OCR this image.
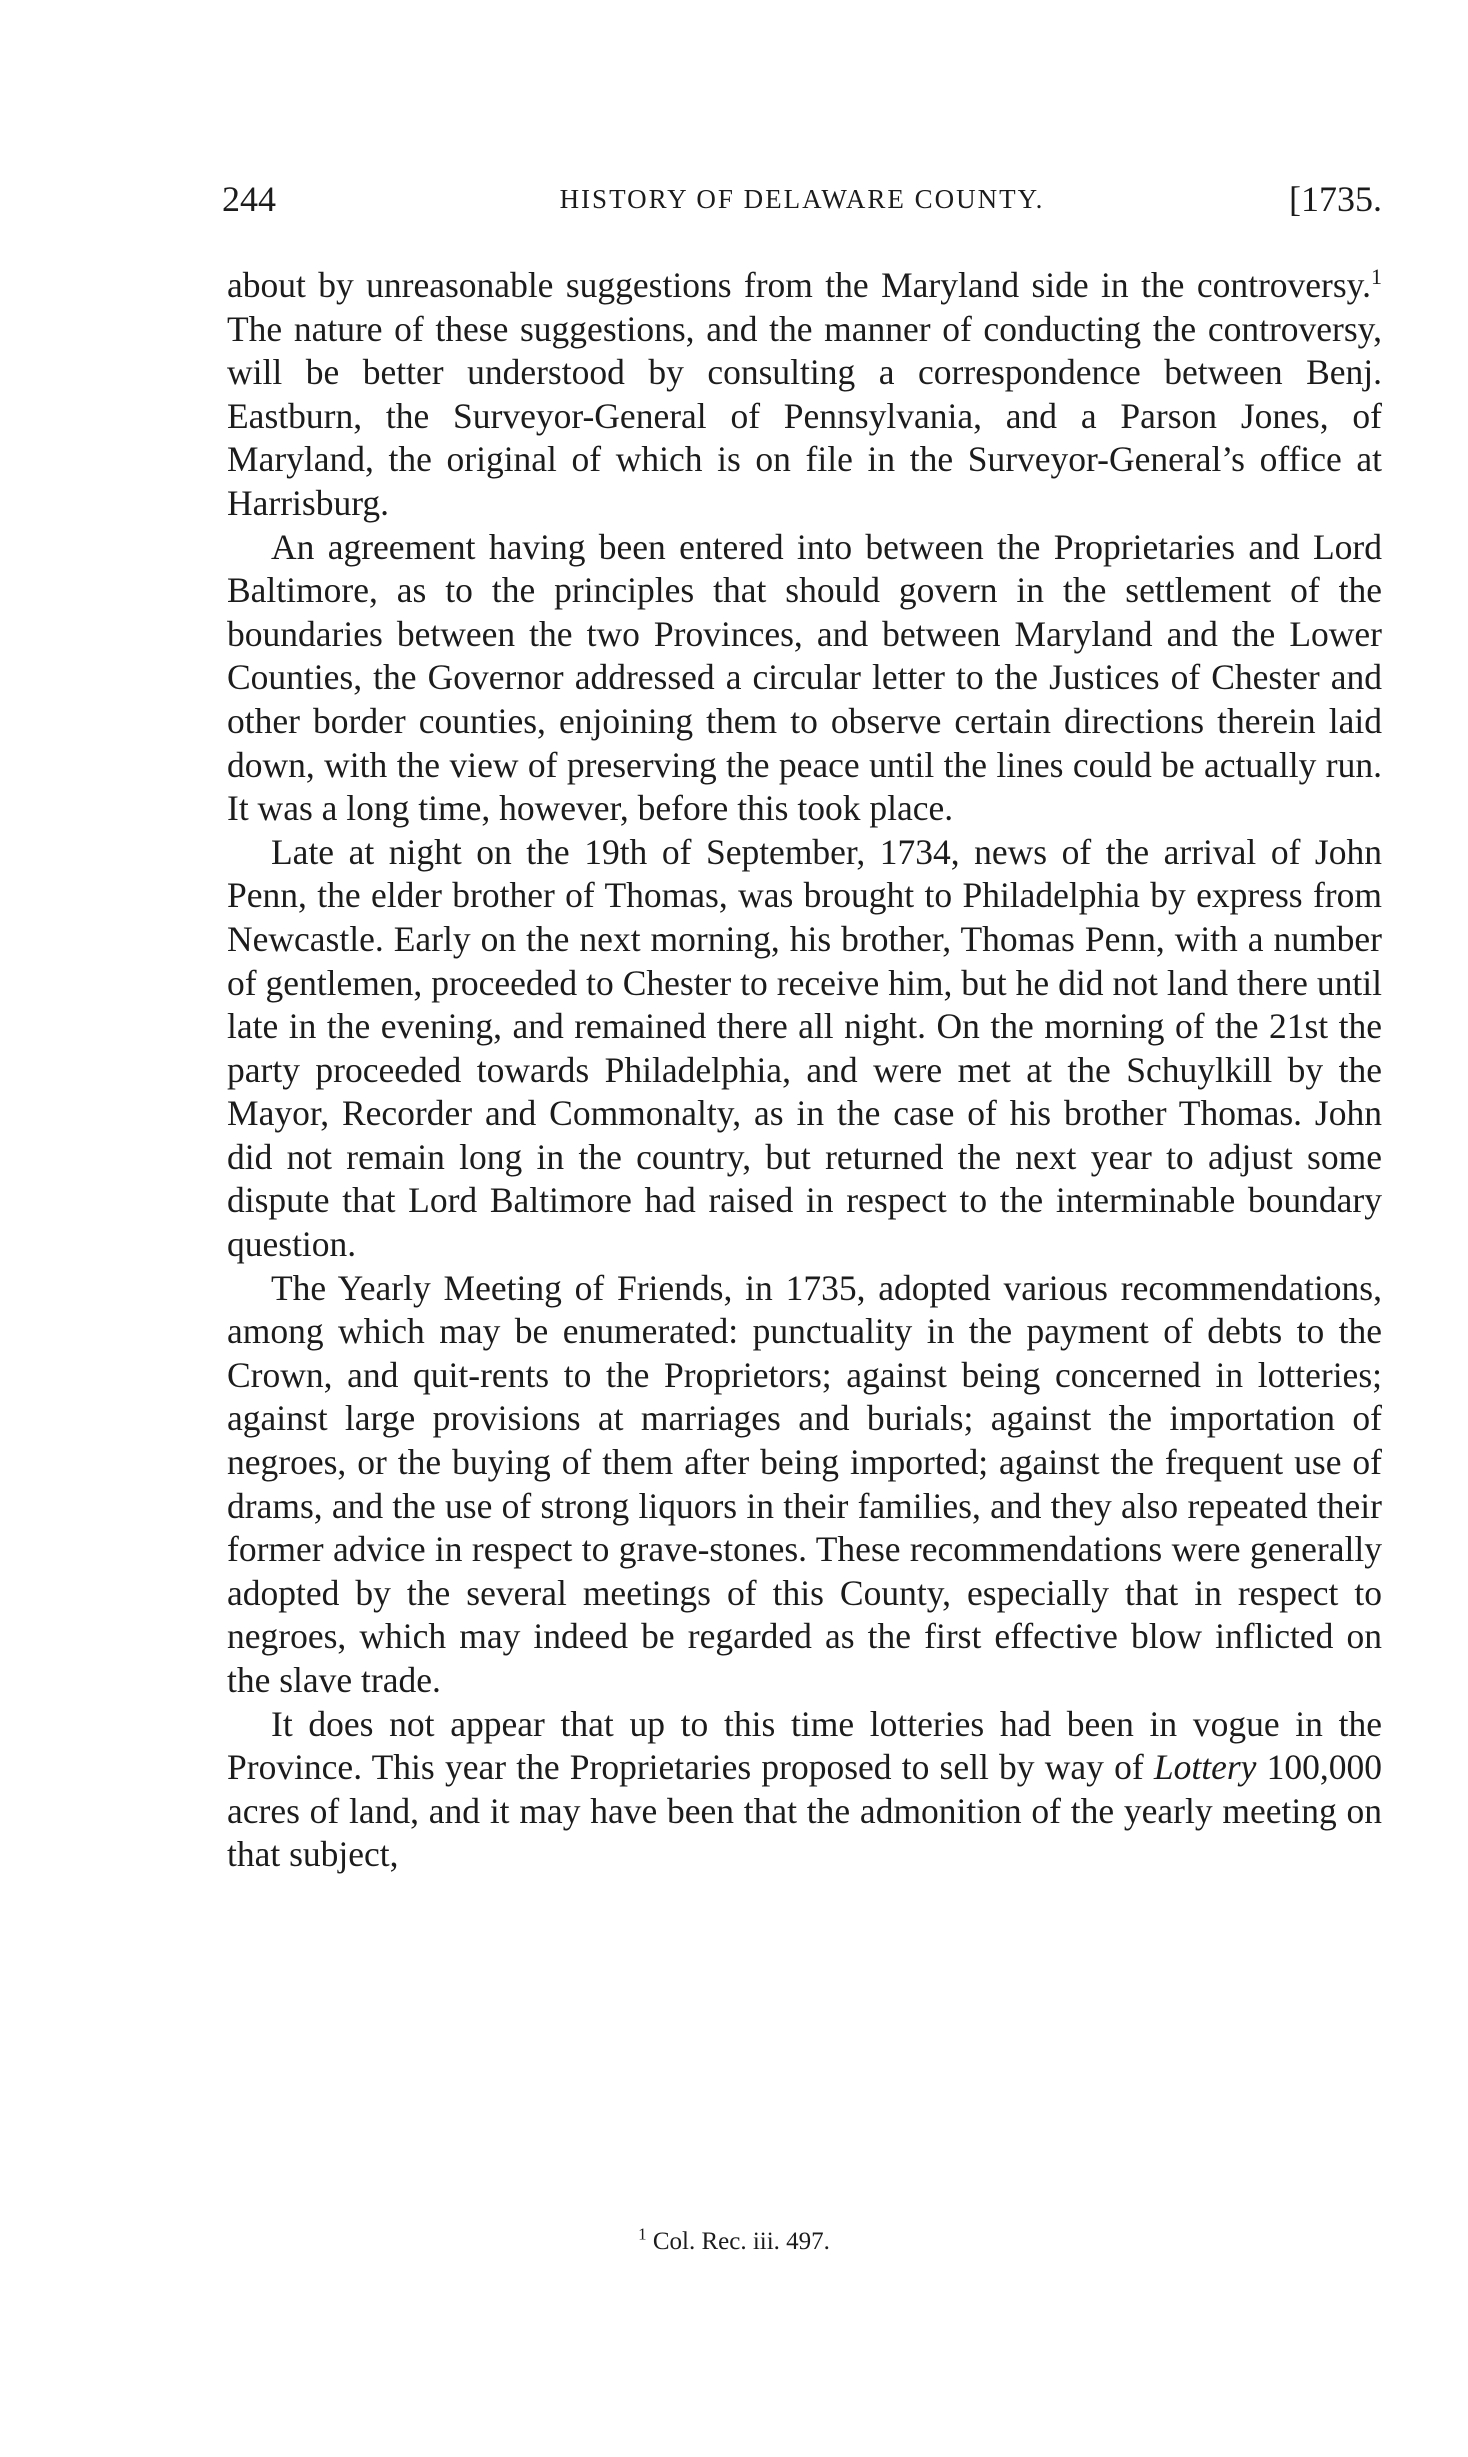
244	HISTORY OF DELAWARE COUNTY.	[1735.

about by unreasonable suggestions from the Maryland side in the controversy.$^1$ The nature of these suggestions, and the manner of conducting the controversy, will be better understood by consulting a correspondence between Benj. Eastburn, the Surveyor-General of Pennsylvania, and a Parson Jones, of Maryland, the original of which is on file in the Surveyor-General’s office at Harrisburg.

An agreement having been entered into between the Proprietaries and Lord Baltimore, as to the principles that should govern in the settlement of the boundaries between the two Provinces, and between Maryland and the Lower Counties, the Governor addressed a circular letter to the Justices of Chester and other border counties, enjoining them to observe certain directions therein laid down, with the view of preserving the peace until the lines could be actually run. It was a long time, however, before this took place.

Late at night on the 19th of September, 1734, news of the arrival of John Penn, the elder brother of Thomas, was brought to Philadelphia by express from Newcastle. Early on the next morning, his brother, Thomas Penn, with a number of gentlemen, proceeded to Chester to receive him, but he did not land there until late in the evening, and remained there all night. On the morning of the 21st the party proceeded towards Philadelphia, and were met at the Schuylkill by the Mayor, Recorder and Commonalty, as in the case of his brother Thomas. John did not remain long in the country, but returned the next year to adjust some dispute that Lord Baltimore had raised in respect to the interminable boundary question.

The Yearly Meeting of Friends, in 1735, adopted various recommendations, among which may be enumerated: punctuality in the payment of debts to the Crown, and quit-rents to the Proprietors; against being concerned in lotteries; against large provisions at marriages and burials; against the importation of negroes, or the buying of them after being imported; against the frequent use of drams, and the use of strong liquors in their families, and they also repeated their former advice in respect to grave-stones. These recommendations were generally adopted by the several meetings of this County, especially that in respect to negroes, which may indeed be regarded as the first effective blow inflicted on the slave trade.

It does not appear that up to this time lotteries had been in vogue in the Province. This year the Proprietaries proposed to sell by way of Lottery 100,000 acres of land, and it may have been that the admonition of the yearly meeting on that subject,

$^1$ Col. Rec. iii. 497.
